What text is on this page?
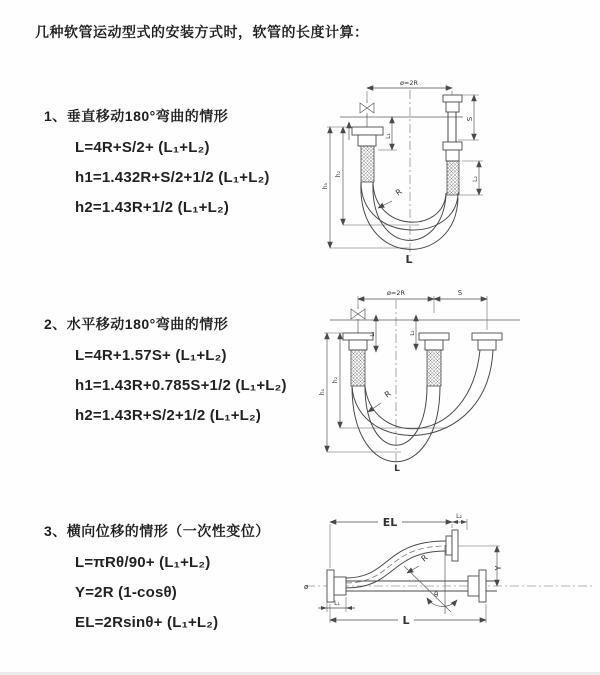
几种软管运动型式的安装方式时，软管的长度计算：
1、垂直移动180°弯曲的情形
L=4R+S/2+ (L₁+L₂)
h1=1.432R+S/2+1/2 (L₁+L₂)
h2=1.43R+1/2 (L₁+L₂)
2、水平移动180°弯曲的情形
L=4R+1.57S+ (L₁+L₂)
h1=1.43R+0.785S+1/2 (L₁+L₂)
h2=1.43R+S/2+1/2 (L₁+L₂)
3、横向位移的情形（一次性变位）
L=πRθ/90+ (L₁+L₂)
Y=2R (1-cosθ)
EL=2Rsinθ+ (L₁+L₂)
ø=2R
L₁
S
L₂
h₁
h₂
R
L
ø=2R	S
L₁	L₂
h₁
h₂
R
L
ø
EL	L₂
Y
R
θ
L
L₁
